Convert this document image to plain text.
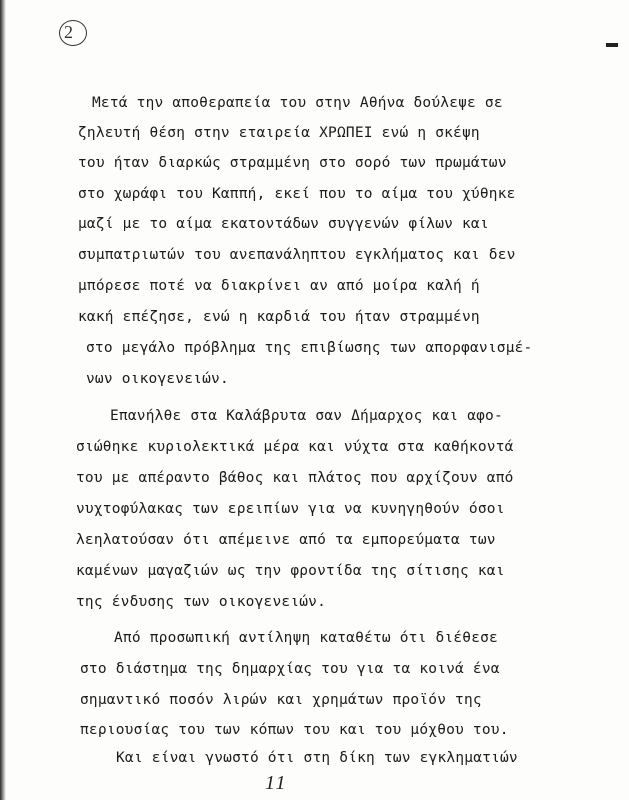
2
Μετά την αποθεραπεία του στην Αθήνα δούλεψε σε
ζηλευτή θέση στην εταιρεία ΧΡΩΠΕΙ ενώ η σκέψη
του ήταν διαρκώς στραμμένη στο σορό των πρωμάτων
στο χωράφι του Καππή, εκεί που το αίμα του χύθηκε
μαζί με το αίμα εκατοντάδων συγγενών φίλων και
συμπατριωτών του ανεπανάληπτου εγκλήματος και δεν
μπόρεσε ποτέ να διακρίνει αν από μοίρα καλή ή
κακή επέζησε, ενώ η καρδιά του ήταν στραμμένη
στο μεγάλο πρόβλημα της επιβίωσης των απορφανισμέ-
νων οικογενειών.
Επανήλθε στα Καλάβρυτα σαν Δήμαρχος και αφο-
σιώθηκε κυριολεκτικά μέρα και νύχτα στα καθήκοντά
του με απέραντο βάθος και πλάτος που αρχίζουν από
νυχτοφύλακας των ερειπίων για να κυνηγηθούν όσοι
λεηλατούσαν ότι απέμεινε από τα εμπορεύματα των
καμένων μαγαζιών ως την φροντίδα της σίτισης και
της ένδυσης των οικογενειών.
Από προσωπική αντίληψη καταθέτω ότι διέθεσε
στο διάστημα της δημαρχίας του για τα κοινά ένα
σημαντικό ποσόν λιρών και χρημάτων προϊόν της
περιουσίας του των κόπων του και του μόχθου του.
Και είναι γνωστό ότι στη δίκη των εγκληματιών
11
